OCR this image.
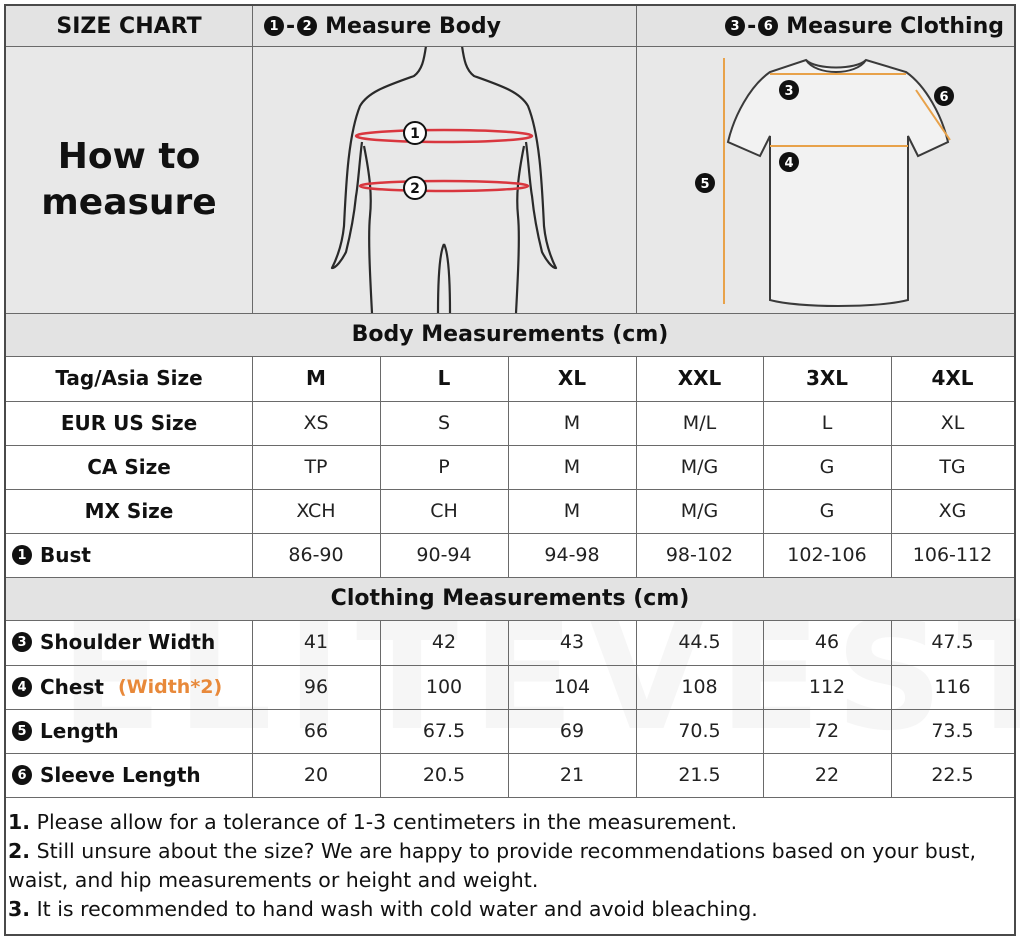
SIZE CHART	1 - 2 Measure Body	3 - 6 Measure Clothing
How to measure
1
2
3
4
5
6
Body Measurements (cm)
Tag/Asia Size	M	L	XL	XXL	3XL	4XL
EUR US Size	XS	S	M	M/L	L	XL
CA Size	TP	P	M	M/G	G	TG
MX Size	XCH	CH	M	M/G	G	XG
1 Bust	86-90	90-94	94-98	98-102	102-106	106-112
Clothing Measurements (cm)
3 Shoulder Width	41	42	43	44.5	46	47.5
4 Chest (Width*2)	96	100	104	108	112	116
5 Length	66	67.5	69	70.5	72	73.5
6 Sleeve Length	20	20.5	21	21.5	22	22.5
1. Please allow for a tolerance of 1-3 centimeters in the measurement.
2. Still unsure about the size? We are happy to provide recommendations based on your bust, waist, and hip measurements or height and weight.
3. It is recommended to hand wash with cold water and avoid bleaching.
